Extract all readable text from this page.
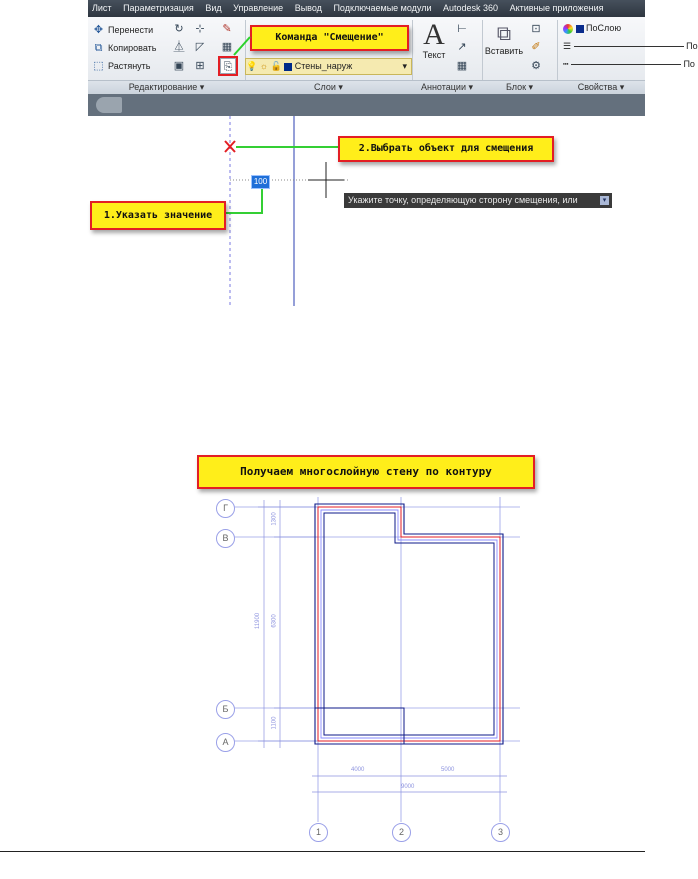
Лист Параметризация Вид Управление Вывод Подключаемые модули Autodesk 360 Активные приложения
✥ Перенести
⧉ Копировать
⬚ Растянуть
↻	⊹	✎
⏅	◸	▦
▣	⊞	⎘
Редактирование ▾
💡 ☼ 🔓 Стены_наруж	▾
Слои ▾
A
Текст
⊢
↗
▦
Аннотации ▾
⧉
Вставить
⊡
✐
⚙
Блок ▾
ПоСлою
☰	По
┅	По
Свойства ▾
Команда "Смещение"
100
Укажите точку, определяющую сторону смещения, или	▾
2.Выбрать объект для смещения
1.Указать значение
Получаем многослойную стену по контуру
Г
В
Б
А
1	2	3
4000	5000
9000
1300
6300
1100
11900
